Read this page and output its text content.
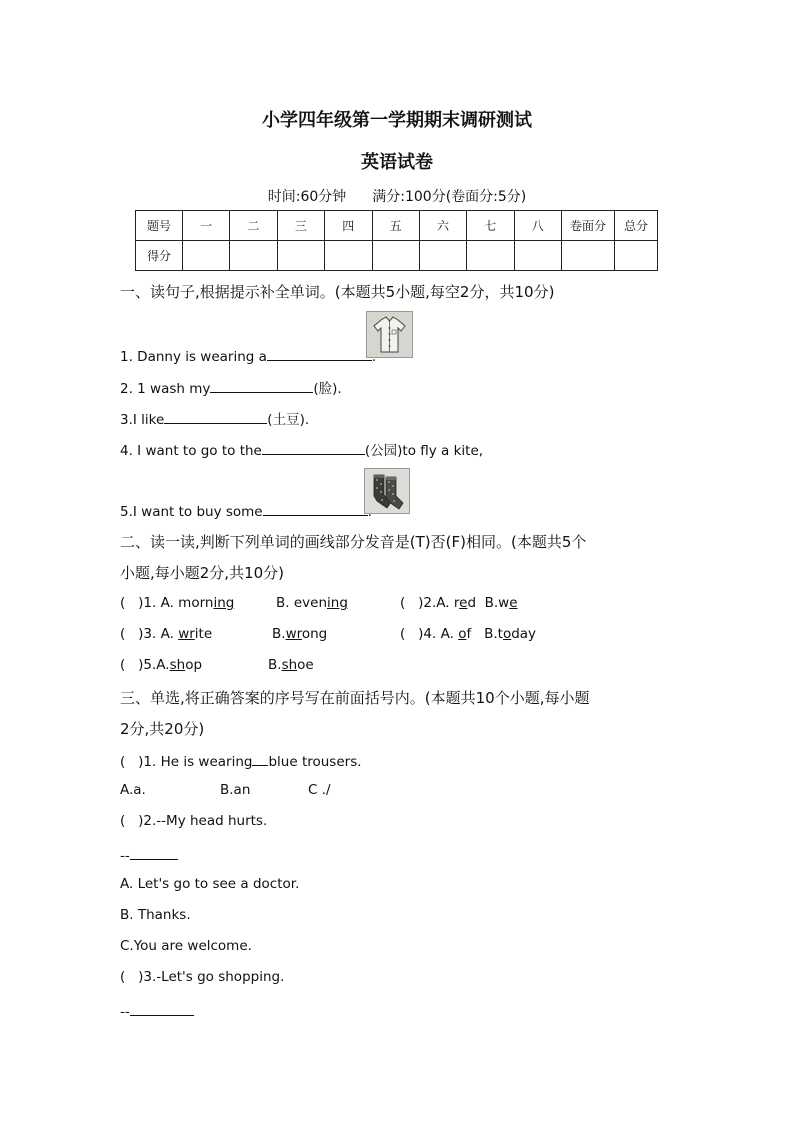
小学四年级第一学期期末调研测试
英语试卷
时间:60分钟 满分:100分(卷面分:5分)
题号	一	二	三	四	五	六	七	八	卷面分	总分
得分										
一、读句子,根据提示补全单词。(本题共5小题,每空2分，共10分)
1. Danny is wearing a	.
2. 1 wash my	(脸).
3.I like	(土豆).
4. I want to go to the	(公园)to fly a kite,
5.I want to buy some	.
二、读一读,判断下列单词的画线部分发音是(T)否(F)相同。(本题共5个
小题,每小题2分,共10分)
( )1. A. morning	B. evening	( )2.A. red B.we
( )3. A. write	B.wrong	( )4. A. of B.today
( )5.A.shop	B.shoe
三、单选,将正确答案的序号写在前面括号内。(本题共10个小题,每小题
2分,共20分)
( )1. He is wearing blue trousers.
A.a.	B.an	C ./
( )2.--My head hurts.
--
A. Let's go to see a doctor.
B. Thanks.
C.You are welcome.
( )3.-Let's go shopping.
--
